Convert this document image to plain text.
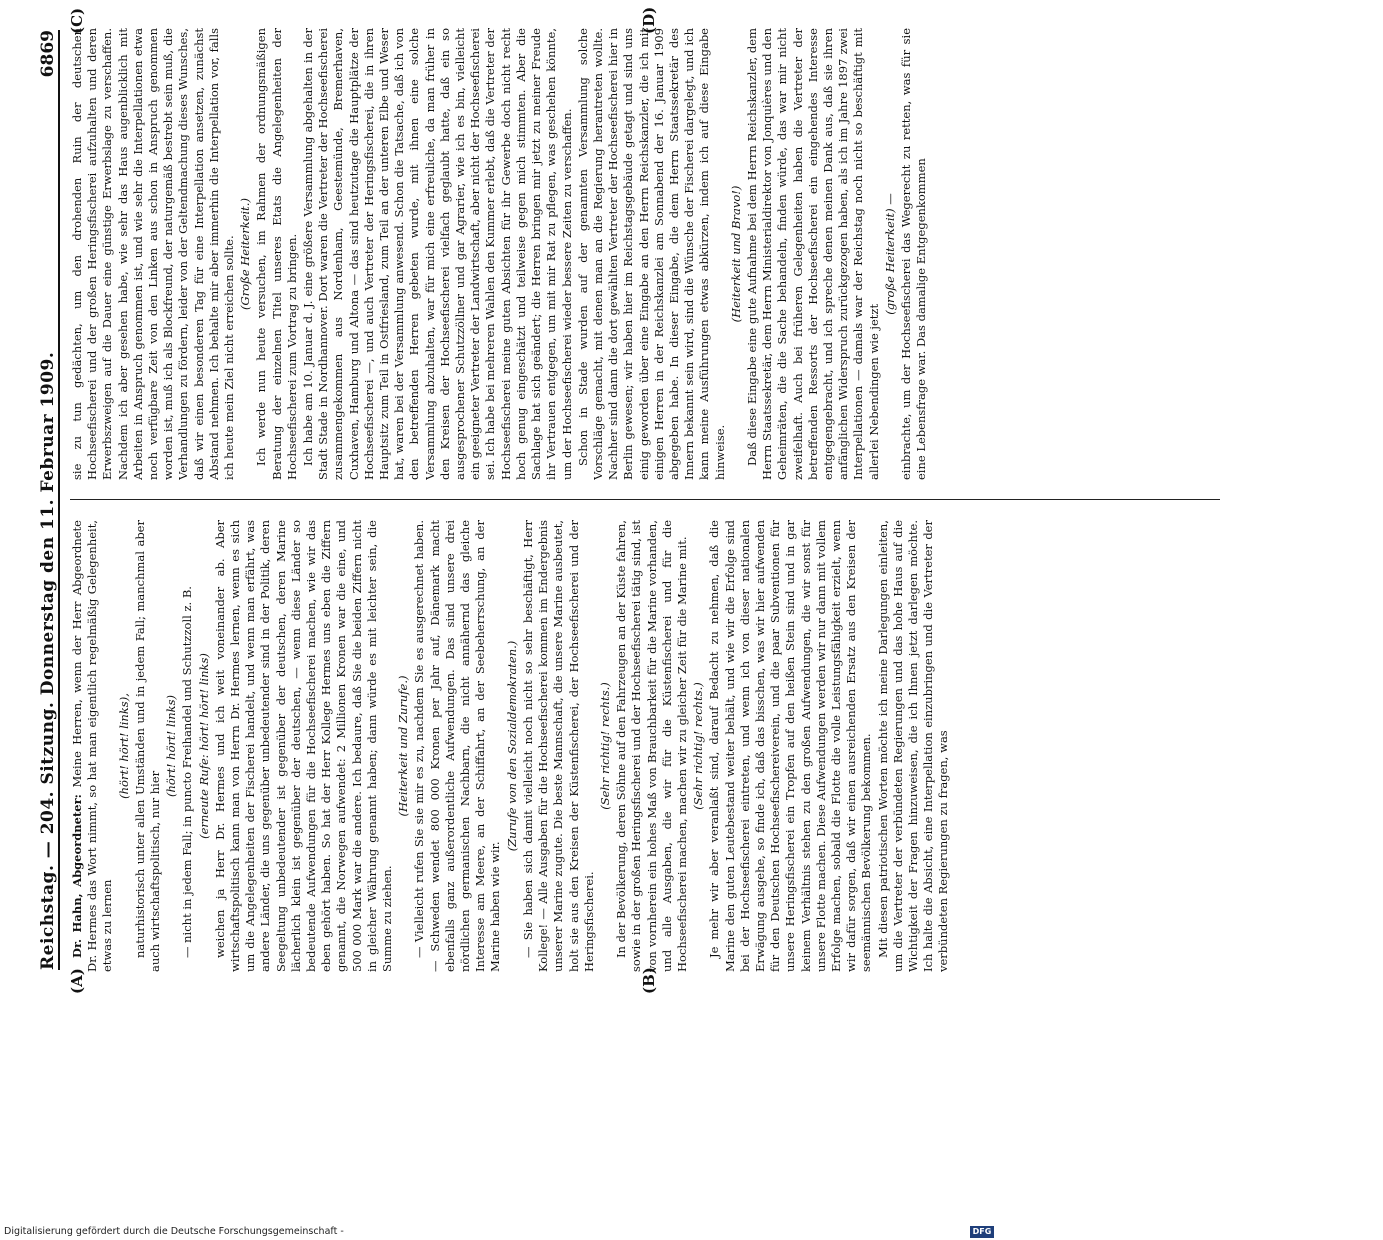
Reichstag. — 204. Sitzung. Donnerstag den 11. Februar 1909.
6869
(A)	(B)
(C)	(D)

Dr. Hahn, Abgeordneter: Meine Herren, wenn der Herr Abgeordnete Dr. Hermes das Wort nimmt, so hat man eigentlich regelmäßig Gelegenheit, etwas zu lernen

(hört! hört! links), naturhistorisch unter allen Umständen und in jedem Fall; manchmal aber auch wirtschaftspolitisch, nur hier

(hört! hört! links) — nicht in jedem Fall; in puncto Freihandel und Schutzzoll z. B. (erneute Rufe: hört! hört! links) weichen ja Herr Dr. Hermes und ich weit voneinander ab. Aber wirtschaftspolitisch kann man von Herrn Dr. Hermes lernen, wenn es sich um die Angelegenheiten der Fischerei handelt, und wenn man erfährt, was andere Länder, die uns gegenüber unbedeutender sind in der Politik, deren Seegeltung unbedeutender ist gegenüber der deutschen, deren Marine lächerlich klein ist gegenüber der deutschen, — wenn diese Länder so bedeutende Aufwendungen für die Hochseefischerei machen, wie wir das eben gehört haben. So hat der Herr Kollege Hermes uns eben die Ziffern genannt, die Norwegen aufwendet: 2 Millionen Kronen war die eine, und 500 000 Mark war die andere. Ich bedaure, daß Sie die beiden Ziffern nicht in gleicher Währung genannt haben; dann würde es mit leichter sein, die Summe zu ziehen.

(Heiterkeit und Zurufe.) — Vielleicht rufen Sie sie mir es zu, nachdem Sie es ausgerechnet haben. — Schweden wendet 800 000 Kronen per Jahr auf, Dänemark macht ebenfalls ganz außerordentliche Aufwendungen. Das sind unsere drei nördlichen germanischen Nachbarn, die nicht annähernd das gleiche Interesse am Meere, an der Schiffahrt, an der Seebeherrschung, an der Marine haben wie wir.

(Zurufe von den Sozialdemokraten.) — Sie haben sich damit vielleicht noch nicht so sehr beschäftigt, Herr Kollege! — Alle Ausgaben für die Hochseefischerei kommen im Endergebnis unserer Marine zugute. Die beste Mannschaft, die unsere Marine ausbeutet, holt sie aus den Kreisen der Küstenfischerei, der Hochseefischerei und der Heringsfischerei.

(Sehr richtig! rechts.) In der Bevölkerung, deren Söhne auf den Fahrzeugen an der Küste fahren, sowie in der großen Heringsfischerei und der Hochseefischerei tätig sind, ist von vornherein ein hohes Maß von Brauchbarkeit für die Marine vorhanden, und alle Ausgaben, die wir für die Küstenfischerei und für die Hochseefischerei machen, machen wir zu gleicher Zeit für die Marine mit. (Sehr richtig! rechts.) Je mehr wir aber veranlaßt sind, darauf Bedacht zu nehmen, daß die Marine den guten Leutebestand weiter behält, und wie wir die Erfolge sind bei der Hochseefischerei eintreten, und wenn ich von dieser nationalen Erwägung ausgehe, so finde ich, daß das bisschen, was wir hier aufwenden für den Deutschen Hochseefischereiverein, und die paar Subventionen für unsere Heringsfischerei ein Tropfen auf den heißen Stein sind und in gar keinem Verhältnis stehen zu den großen Aufwendungen, die wir sonst für unsere Flotte machen. Diese Aufwendungen werden wir nur dann mit vollem Erfolge machen, sobald die Flotte die volle Leistungsfähigkeit erzielt, wenn wir dafür sorgen, daß wir einen ausreichenden Ersatz aus den Kreisen der seemännischen Bevölkerung bekommen. Mit diesen patriotischen Worten möchte ich meine Darlegungen einleiten, um die Vertreter der verbündeten Regierungen und das hohe Haus auf die Wichtigkeit der Fragen hinzuweisen, die ich Ihnen jetzt darlegen möchte. Ich halte die Absicht, eine Interpellation einzubringen und die Vertreter der verbündeten Regierungen zu fragen, was

sie zu tun gedächten, um den drohenden Ruin der deutschen Hochseefischerei und der großen Heringsfischerei aufzuhalten und deren Erwerbszweigen auf die Dauer eine günstige Erwerbslage zu verschaffen. Nachdem ich aber gesehen habe, wie sehr das Haus augenblicklich mit Arbeiten in Anspruch genommen ist, und wie sehr die Interpellationen etwa noch verfügbare Zeit von den Linken aus schon in Anspruch genommen worden ist, muß ich als Blockfreund, der naturgemäß bestrebt sein muß, die Verhandlungen zu fördern, leider von der Geltendmachung dieses Wunsches, daß wir einen besonderen Tag für eine Interpellation ansetzen, zunächst Abstand nehmen. Ich behalte mir aber immerhin die Interpellation vor, falls ich heute mein Ziel nicht erreichen sollte. (Große Heiterkeit.) Ich werde nun heute versuchen, im Rahmen der ordnungsmäßigen Beratung der einzelnen Titel unseres Etats die Angelegenheiten der Hochseefischerei zum Vortrag zu bringen. Ich habe am 10. Januar d. J. eine größere Versammlung abgehalten in der Stadt Stade in Nordhannover. Dort waren die Vertreter der Hochseefischerei zusammengekommen aus Nordenham, Geestemünde, Bremerhaven, Cuxhaven, Hamburg und Altona — das sind heutzutage die Hauptplätze der Hochseefischerei —, und auch Vertreter der Heringsfischerei, die in ihren Hauptsitz zum Teil in Ostfriesland, zum Teil an der unteren Elbe und Weser hat, waren bei der Versammlung anwesend. Schon die Tatsache, daß ich von den betreffenden Herren gebeten wurde, mit ihnen eine solche Versammlung abzuhalten, war für mich eine erfreuliche, da man früher in den Kreisen der Hochseefischerei vielfach geglaubt hatte, daß ein so ausgesprochener Schutzzöllner und gar Agrarier, wie ich es bin, vielleicht ein geeigneter Vertreter der Landwirtschaft, aber nicht der Hochseefischerei sei. Ich habe bei mehreren Wahlen den Kummer erlebt, daß die Vertreter der Hochseefischerei meine guten Absichten für ihr Gewerbe doch nicht recht hoch genug eingeschätzt und teilweise gegen mich stimmten. Aber die Sachlage hat sich geändert; die Herren bringen mir jetzt zu meiner Freude ihr Vertrauen entgegen, um mit mir Rat zu pflegen, was geschehen könnte, um der Hochseefischerei wieder bessere Zeiten zu verschaffen. Schon in Stade wurden auf der genannten Versammlung solche Vorschläge gemacht, mit denen man an die Regierung herantreten wollte. Nachher sind dann die dort gewählten Vertreter der Hochseefischerei hier in Berlin gewesen; wir haben hier im Reichstagsgebäude getagt und sind uns einig geworden über eine Eingabe an den Herrn Reichskanzler, die ich mit einigen Herren in der Reichskanzlei am Sonnabend der 16. Januar 1909 abgegeben habe. In dieser Eingabe, die dem Herrn Staatssekretär des Innern bekannt sein wird, sind die Wünsche der Fischerei dargelegt, und ich kann meine Ausführungen etwas abkürzen, indem ich auf diese Eingabe hinweise.

(Heiterkeit und Bravo!) Daß diese Eingabe eine gute Aufnahme bei dem Herrn Reichskanzler, dem Herrn Staatssekretär, dem Herrn Ministerialdirektor von Jonquières und den Geheimräten, die die Sache behandeln, finden würde, das war mir nicht zweifelhaft. Auch bei früheren Gelegenheiten haben die Vertreter der betreffenden Ressorts der Hochseefischerei ein eingehendes Interesse entgegengebracht, und ich spreche denen meinen Dank aus, daß sie ihren anfänglichen Widerspruch zurückgezogen haben, als ich im Jahre 1897 zwei Interpellationen — damals war der Reichstag noch nicht so beschäftigt mit allerlei Nebendingen wie jetzt

(große Heiterkeit) — einbrachte, um der Hochseefischerei das Wegerecht zu retten, was für sie eine Lebensfrage war. Das damalige Entgegenkommen

Digitalisierung gefördert durch die Deutsche Forschungsgemeinschaft -	DFG
